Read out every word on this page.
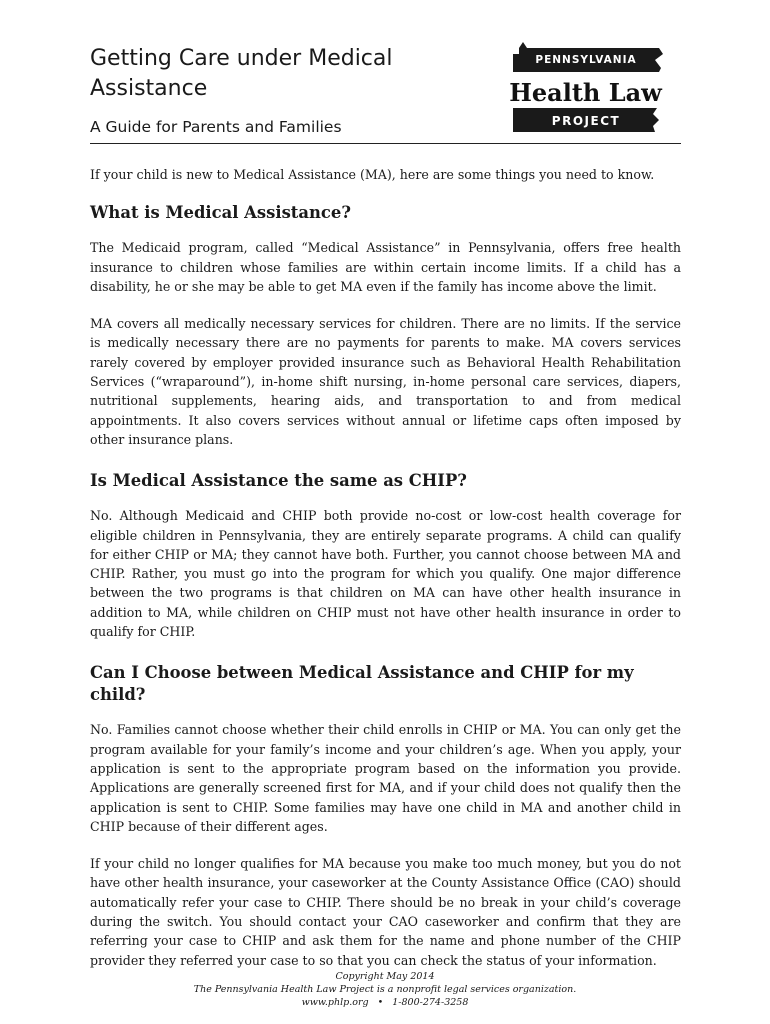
Getting Care under Medical Assistance
A Guide for Parents and Families
PENNSYLVANIA
Health Law
PROJECT

If your child is new to Medical Assistance (MA), here are some things you need to know.

What is Medical Assistance?

The Medicaid program, called “Medical Assistance” in Pennsylvania, offers free health insurance to children whose families are within certain income limits. If a child has a disability, he or she may be able to get MA even if the family has income above the limit.

MA covers all medically necessary services for children. There are no limits. If the service is medically necessary there are no payments for parents to make. MA covers services rarely covered by employer provided insurance such as Behavioral Health Rehabilitation Services (“wraparound”), in-home shift nursing, in-home personal care services, diapers, nutritional supplements, hearing aids, and transportation to and from medical appointments. It also covers services without annual or lifetime caps often imposed by other insurance plans.

Is Medical Assistance the same as CHIP?

No. Although Medicaid and CHIP both provide no-cost or low-cost health coverage for eligible children in Pennsylvania, they are entirely separate programs. A child can qualify for either CHIP or MA; they cannot have both. Further, you cannot choose between MA and CHIP. Rather, you must go into the program for which you qualify. One major difference between the two programs is that children on MA can have other health insurance in addition to MA, while children on CHIP must not have other health insurance in order to qualify for CHIP.

Can I Choose between Medical Assistance and CHIP for my child?

No. Families cannot choose whether their child enrolls in CHIP or MA. You can only get the program available for your family’s income and your children’s age. When you apply, your application is sent to the appropriate program based on the information you provide. Applications are generally screened first for MA, and if your child does not qualify then the application is sent to CHIP. Some families may have one child in MA and another child in CHIP because of their different ages.

If your child no longer qualifies for MA because you make too much money, but you do not have other health insurance, your caseworker at the County Assistance Office (CAO) should automatically refer your case to CHIP. There should be no break in your child’s coverage during the switch. You should contact your CAO caseworker and confirm that they are referring your case to CHIP and ask them for the name and phone number of the CHIP provider they referred your case to so that you can check the status of your information.

Copyright May 2014
The Pennsylvania Health Law Project is a nonprofit legal services organization.
www.phlp.org • 1-800-274-3258
